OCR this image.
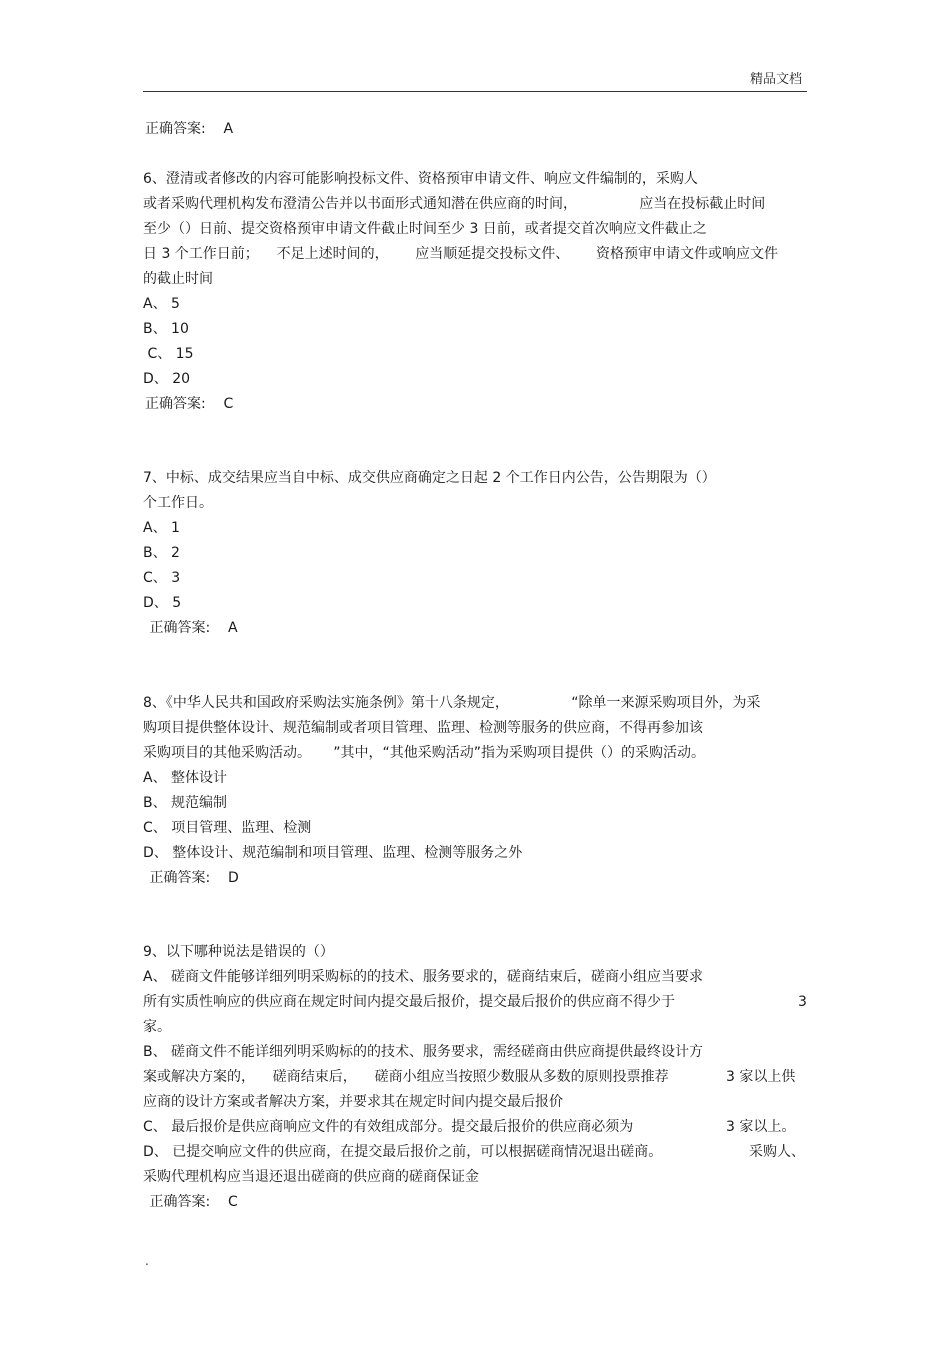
精品文档
正确答案:    A
6、澄清或者修改的内容可能影响投标文件、资格预审申请文件、响应文件编制的，采购人
或者采购代理机构发布澄清公告并以书面形式通知潜在供应商的时间，              应当在投标截止时间
至少（）日前、提交资格预审申请文件截止时间至少 3 日前，或者提交首次响应文件截止之
日 3 个工作日前；    不足上述时间的，      应当顺延提交投标文件、      资格预审申请文件或响应文件
的截止时间
A、 5
B、 10
C、 15
D、 20
正确答案:    C
7、中标、成交结果应当自中标、成交供应商确定之日起 2 个工作日内公告，公告期限为（）
个工作日。
A、 1
B、 2
C、 3
D、 5
正确答案:    A
8、《中华人民共和国政府采购法实施条例》第十八条规定，              “除单一来源采购项目外，为采
购项目提供整体设计、规范编制或者项目管理、监理、检测等服务的供应商，不得再参加该
采购项目的其他采购活动。     ”其中，“其他采购活动”指为采购项目提供（）的采购活动。
A、 整体设计
B、 规范编制
C、 项目管理、监理、检测
D、 整体设计、规范编制和项目管理、监理、检测等服务之外
正确答案:    D
9、以下哪种说法是错误的（）
A、 磋商文件能够详细列明采购标的的技术、服务要求的，磋商结束后，磋商小组应当要求
所有实质性响应的供应商在规定时间内提交最后报价，提交最后报价的供应商不得少于	3
家。
B、 磋商文件不能详细列明采购标的的技术、服务要求，需经磋商由供应商提供最终设计方
案或解决方案的，    磋商结束后，    磋商小组应当按照少数服从多数的原则投票推荐	3 家以上供
应商的设计方案或者解决方案，并要求其在规定时间内提交最后报价
C、 最后报价是供应商响应文件的有效组成部分。提交最后报价的供应商必须为	3 家以上。
D、 已提交响应文件的供应商，在提交最后报价之前，可以根据磋商情况退出磋商。	采购人、
采购代理机构应当退还退出磋商的供应商的磋商保证金
正确答案:    C
.
